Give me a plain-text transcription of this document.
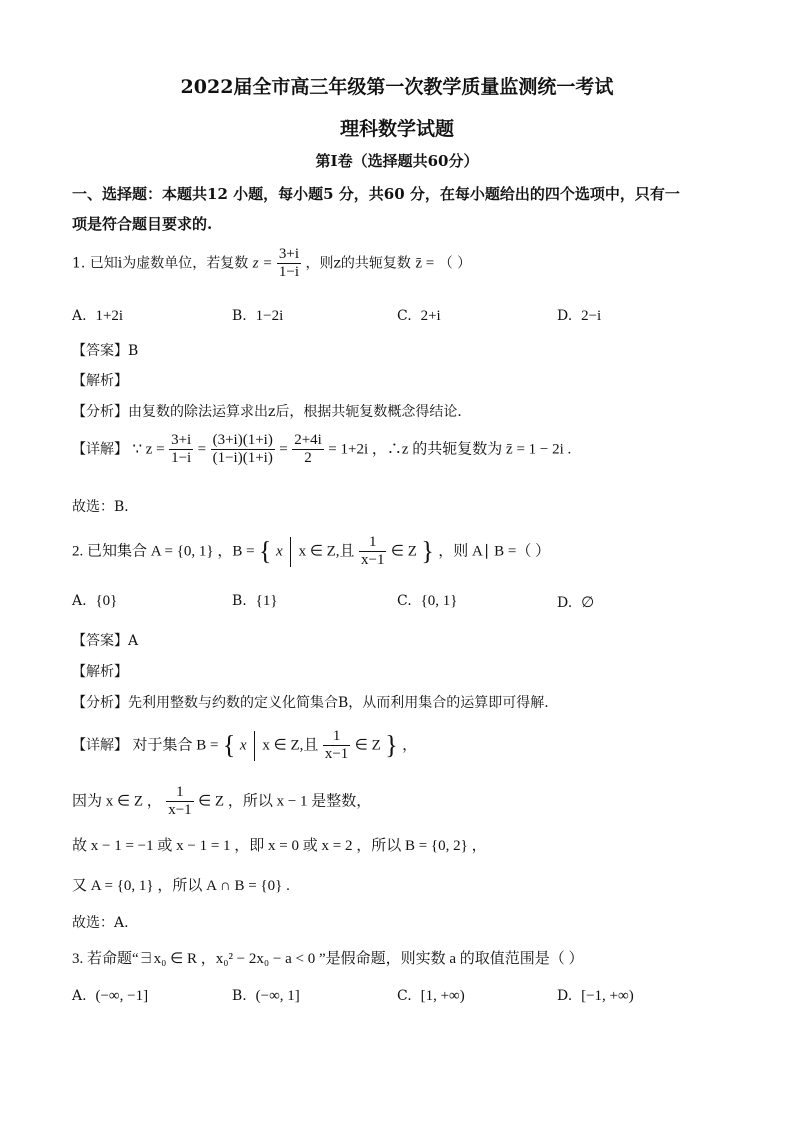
2022届全市高三年级第一次教学质量监测统一考试
理科数学试题
第Ⅰ卷（选择题共60分）
一、选择题：本题共12 小题，每小题5 分，共60 分，在每小题给出的四个选项中，只有一
项是符合题目要求的.
1. 已知i为虚数单位，若复数 $z = \frac{3+i}{1-i}$ ，则z的共轭复数 z̄ = （ ）
A. 1+2i	B. 1−2i	C. 2+i	D. 2−i
【答案】B
【解析】
【分析】由复数的除法运算求出z后，根据共轭复数概念得结论．
【详解】 ∵ $z = \frac{3+i}{1-i} = \frac{(3+i)(1+i)}{(1-i)(1+i)} = \frac{2+4i}{2} = 1+2i$ ，∴z 的共轭复数为 z̄ = 1 − 2i .
故选：B．
2. 已知集合 A = {0, 1} ，B = { x x ∈ Z,且 $\frac{1}{x-1}$ ∈ Z } ，则 A∣ B =（ ）
A. {0}	B. {1}	C. {0, 1}	D. ∅
【答案】A
【解析】
【分析】先利用整数与约数的定义化简集合B，从而利用集合的运算即可得解.
【详解】 对于集合 B = { x x ∈ Z,且 $\frac{1}{x-1}$ ∈ Z } ，
因为 x ∈ Z ， $\frac{1}{x-1}$ ∈ Z ，所以 x − 1 是整数，
故 x − 1 = −1 或 x − 1 = 1 ，即 x = 0 或 x = 2 ，所以 B = {0, 2} ，
又 A = {0, 1} ，所以 A ∩ B = {0} .
故选：A.
3. 若命题“∃x₀ ∈ R ，x₀² − 2x₀ − a < 0 ”是假命题，则实数 a 的取值范围是（ ）
A. (−∞, −1]	B. (−∞, 1]	C. [1, +∞)	D. [−1, +∞)
